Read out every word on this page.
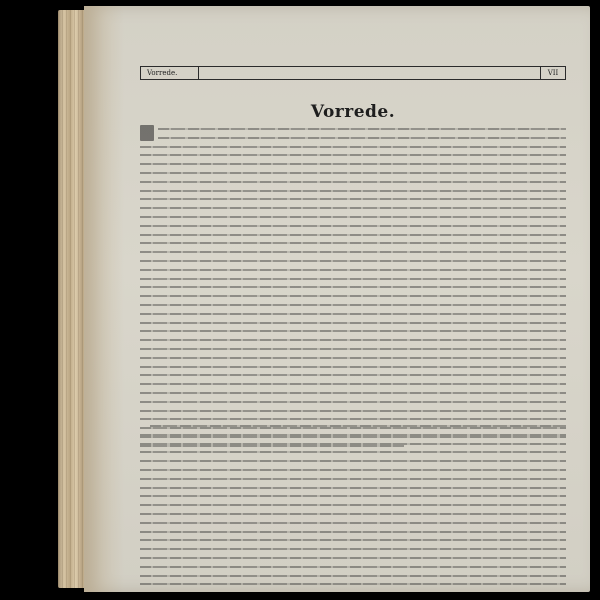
Vorrede.	VII
Vorrede.
